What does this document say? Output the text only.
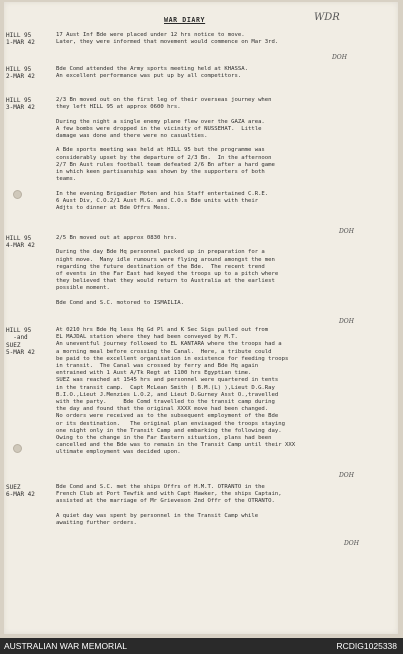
WAR DIARY	WDR
HILL 95
1-MAR 42
17 Aust Inf Bde were placed under 12 hrs notice to move.
Later, they were informed that movement would commence on Mar 3rd.
DOH
HILL 95
2-MAR 42
Bde Comd attended the Army sports meeting held at KHASSA.
An excellent performance was put up by all competitors.
HILL 95
3-MAR 42
2/3 Bn moved out on the first leg of their overseas journey when
they left HILL 95 at approx 0600 hrs.

During the night a single enemy plane flew over the GAZA area.
A few bombs were dropped in the vicinity of NUSSEHAT.  Little
damage was done and there were no casualties.

A Bde sports meeting was held at HILL 95 but the programme was
considerably upset by the departure of 2/3 Bn.  In the afternoon
2/7 Bn Aust rules football team defeated 2/6 Bn after a hard game
in which keen partisanship was shown by the supporters of both
teams.

In the evening Brigadier Moten and his Staff entertained C.R.E.
6 Aust Div, C.O.2/1 Aust M.G. and C.O.s Bde units with their
Adjts to dinner at Bde Offrs Mess.
DOH
HILL 95
4-MAR 42
2/5 Bn moved out at approx 0830 hrs.

During the day Bde Hq personnel packed up in preparation for a
night move.  Many idle rumours were flying around amongst the men
regarding the future destination of the Bde.  The recent trend
of events in the Far East had keyed the troops up to a pitch where
they believed that they would return to Australia at the earliest
possible moment.

Bde Comd and S.C. motored to ISMAILIA.
DOH
HILL 95
-and
SUEZ
5-MAR 42
At 0210 hrs Bde Hq less Hq Gd Pl and K Sec Sigs pulled out from
EL MAJDAL station where they had been conveyed by M.T.
An uneventful journey followed to EL KANTARA where the troops had a
a morning meal before crossing the Canal.  Here, a tribute could
be paid to the excellent organisation in existence for feeding troops
in transit.  The Canal was crossed by ferry and Bde Hq again
entrained with 1 Aust A/Tk Regt at 1100 hrs Egyptian time.
SUEZ was reached at 1545 hrs and personnel were quartered in tents
in the transit camp.  Capt McLean Smith ( B.M.(L) ),Lieut D.G.Ray
B.I.O.,Lieut J.Menzies L.O.2, and Lieut D.Gurney Asst O.,travelled
with the party.     Bde Comd travelled to the transit camp during
the day and found that the original XXXX move had been changed.
No orders were received as to the subsequent employment of the Bde
or its destination.   The original plan envisaged the troops staying
one night only in the Transit Camp and embarking the following day.
Owing to the change in the Far Eastern situation, plans had been
cancelled and the Bde was to remain in the Transit Camp until their XXX
ultimate employment was decided upon.
DOH
SUEZ
6-MAR 42
Bde Comd and S.C. met the ships Offrs of H.M.T. OTRANTO in the
French Club at Port Tewfik and with Capt Hawker, the ships Captain,
assisted at the marriage of Mr Grieveson 2nd Offr of the OTRANTO.

A quiet day was spent by personnel in the Transit Camp while
awaiting further orders.
DOH
AUSTRALIAN WAR MEMORIAL	RCDIG1025338
